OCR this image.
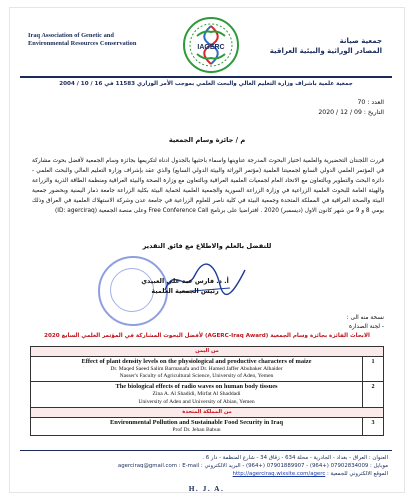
Iraq Association of Genetic and
Environmental Resources Conservation
IAGERC
جمعية صيانة
المصادر الوراثية والبيئية العراقية
جمعية علمية باشراف وزارة التعليم العالي والبحث العلمي بموجب الأمر الوزاري 11583 في 16 / 10 / 2004
العدد : 70
التاريخ : 09 / 12 / 2020
م / جائزة وسام الجمعية
قررت اللجنتان التحضيرية والعلمية اختيار البحوث المدرجة عناوينها واسماء باحثيها بالجدول ادناه لتكريمها بجائزة وسام الجمعية لأفضل بحوث مشاركة في المؤتمر العلمي الدولي السابع لجمعيتنا العلمية (مؤتمر الوراثة والبيئة الدولي السابع) والذي عقد بإشراف وزارة التعليم العالي والبحث العلمي - دائرة البحث والتطوير وبالتعاون مع الاتحاد العام لجمعيات العلمية العراقية وبالتعاون مع وزارة الصحة والبيئة العراقية ومنظمة الطاقة الذرية والزراعة والهيئة العامة للبحوث العلمية الزراعية في وزارة الزراعة السورية والجمعية العلمية لحماية البيئة بكلية الزراعة جامعة ذمار اليمنية وبحضور جمعية البيئة والصحة العراقية في المملكة المتحدة وجمعية البيئة في كلية ناصر للعلوم الزراعية في جامعة عدن وشركة الاستهلاك العلمية في العراق وذلك يومي 8 و 9 من شهر كانون الاول (ديسمبر) 2020 . افتراضيا على برنامج Free Conference Call وعلى منصة الجمعية (ID: agerciraq)
للتفضل بالعلم والاطلاع مع فائق التقدير
أ. د. فارس عبد علي العبيدي
رئيس الجمعية العلمية
نسخة منه الى :
- لجنة الصدارة
الابحاث الفائزة بجائزة وسام الجمعية (AGERC-Iraq Award) لأفضل البحوث المشاركة في المؤتمر العلمي السابع 2020
من اليمن	

Effect of plant density levels on the physiological and productive characters of maize
Dr. Maqed Saeed Salim Barmanafa and Dr. Hamed Jaffer Abubaker Alhaider
Nasser's Faculty of Agricultural Science, University of Aden, Yemen	1

The biological effects of radio waves on human body tissues
Zina A. Al Shadidi, Mirfat Al Shaddadi
University of Aden and University of Abian, Yemen	2
من المملكة المتحدة	

Environmental Pollution and Sustainable Food Security in Iraq
Prof Dr. Jehan Babun	3
العنوان : العراق - بغداد - الجادرية - محلة 634 - زقاق 34 - شارع المنظمة - دار 6 .
موبايل : 07902834009 (+964) - 07901889907 (+964) - البريد الالكتروني : agerciraq@gmail.com : E-mail
الموقع الالكتروني للجمعية : http://agerciraq.wixsite.com/agerc
H. J. A.
